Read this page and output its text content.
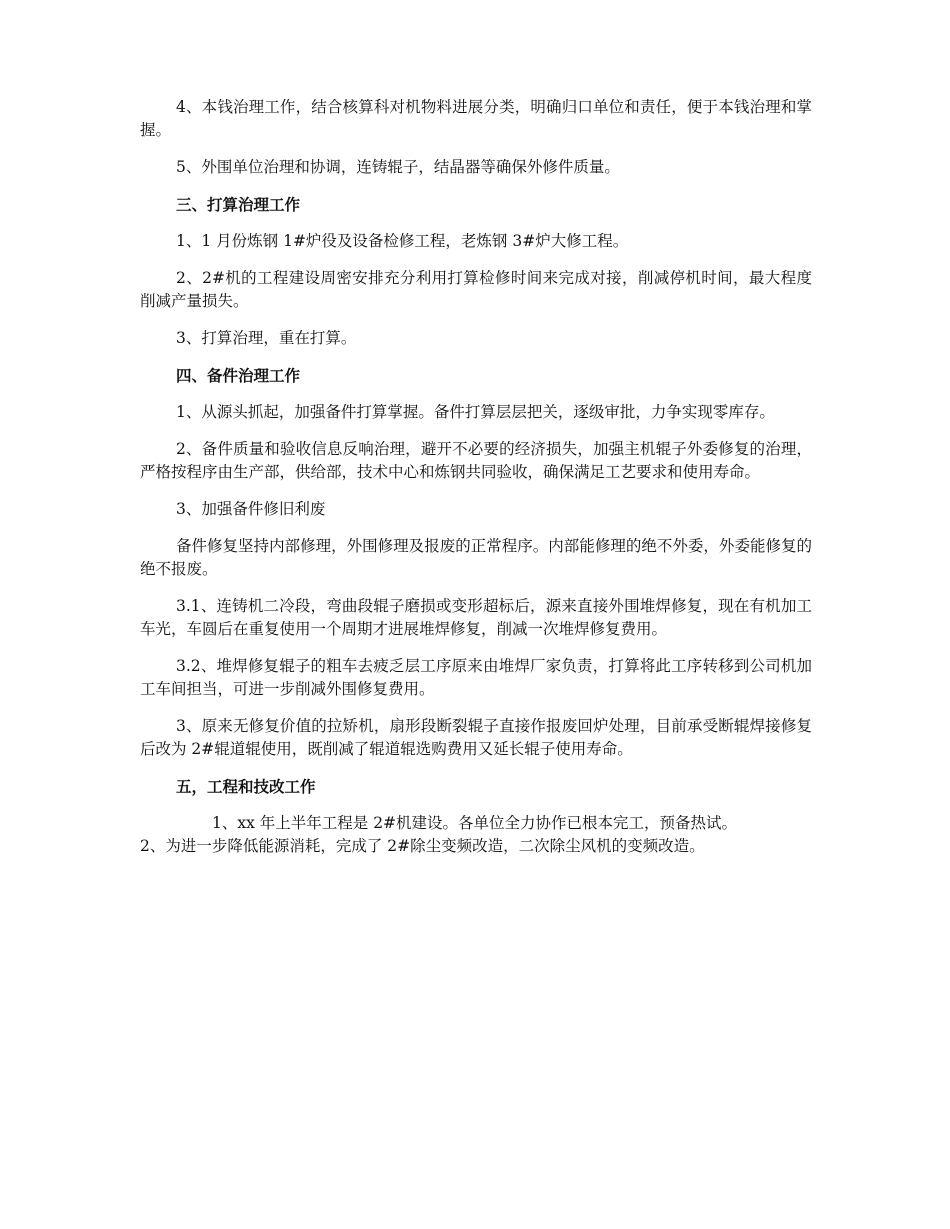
4、本钱治理工作，结合核算科对机物料进展分类，明确归口单位和责任，便于本钱治理和掌握。

5、外围单位治理和协调，连铸辊子，结晶器等确保外修件质量。

三、打算治理工作

1、1 月份炼钢 1#炉役及设备检修工程，老炼钢 3#炉大修工程。

2、2#机的工程建设周密安排充分利用打算检修时间来完成对接，削减停机时间，最大程度削减产量损失。

3、打算治理，重在打算。

四、备件治理工作

1、从源头抓起，加强备件打算掌握。备件打算层层把关，逐级审批，力争实现零库存。

2、备件质量和验收信息反响治理，避开不必要的经济损失，加强主机辊子外委修复的治理，严格按程序由生产部，供给部，技术中心和炼钢共同验收，确保满足工艺要求和使用寿命。

3、加强备件修旧利废

备件修复坚持内部修理，外围修理及报废的正常程序。内部能修理的绝不外委，外委能修复的绝不报废。

3.1、连铸机二冷段，弯曲段辊子磨损或变形超标后，源来直接外围堆焊修复，现在有机加工车光，车圆后在重复使用一个周期才进展堆焊修复，削减一次堆焊修复费用。

3.2、堆焊修复辊子的粗车去疲乏层工序原来由堆焊厂家负责，打算将此工序转移到公司机加工车间担当，可进一步削减外围修复费用。

3、原来无修复价值的拉矫机，扇形段断裂辊子直接作报废回炉处理，目前承受断辊焊接修复后改为 2#辊道辊使用，既削减了辊道辊选购费用又延长辊子使用寿命。

五，工程和技改工作

1、xx 年上半年工程是 2#机建设。各单位全力协作已根本完工，预备热试。
2、为进一步降低能源消耗，完成了 2#除尘变频改造，二次除尘风机的变频改造。
